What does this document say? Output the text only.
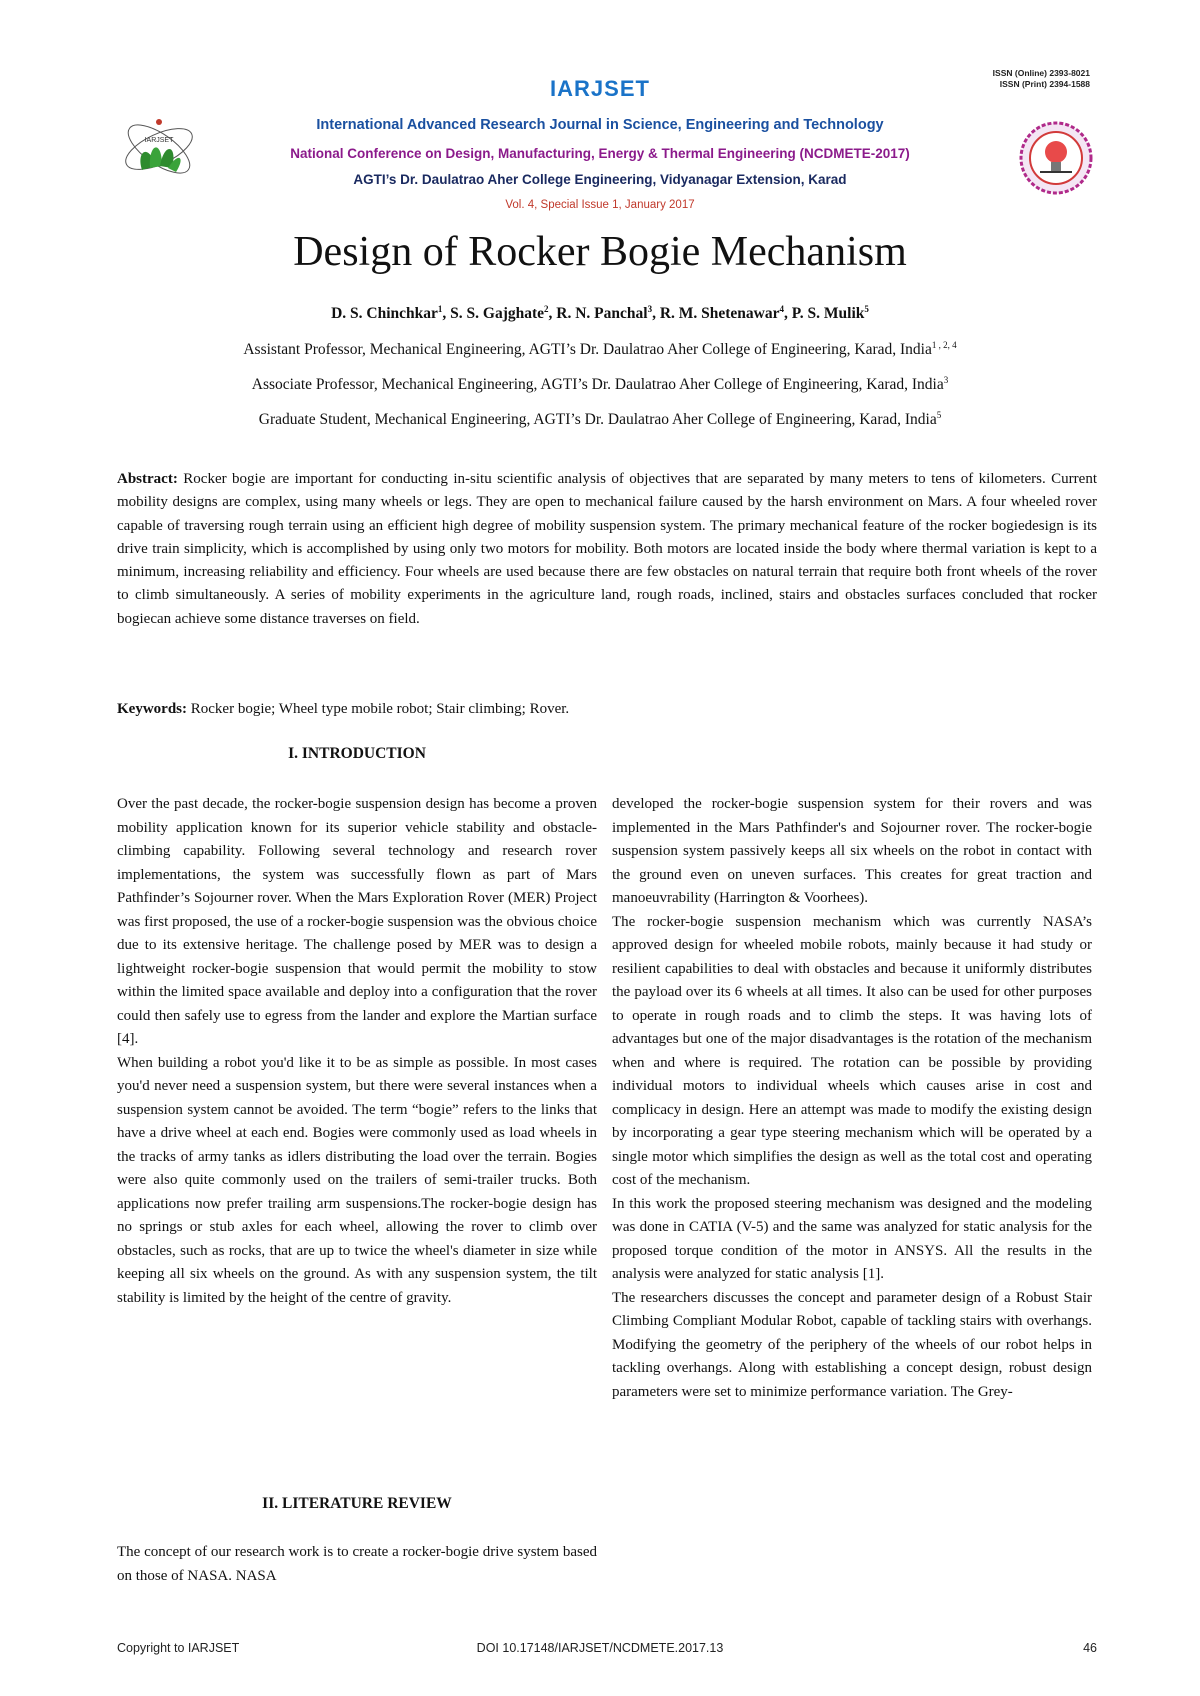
IARJSET
ISSN (Online) 2393-8021
ISSN (Print) 2394-1588
IARJSET
International Advanced Research Journal in Science, Engineering and Technology
National Conference on Design, Manufacturing, Energy & Thermal Engineering (NCDMETE-2017)
AGTI’s Dr. Daulatrao Aher College Engineering, Vidyanagar Extension, Karad
Vol. 4, Special Issue 1, January 2017
Design of Rocker Bogie Mechanism
D. S. Chinchkar$^1$, S. S. Gajghate$^2$, R. N. Panchal$^3$, R. M. Shetenawar$^4$, P. S. Mulik$^5$
Assistant Professor, Mechanical Engineering, AGTI’s Dr. Daulatrao Aher College of Engineering, Karad, India$^{1 , 2, 4}$
Associate Professor, Mechanical Engineering, AGTI’s Dr. Daulatrao Aher College of Engineering, Karad, India$^3$
Graduate Student, Mechanical Engineering, AGTI’s Dr. Daulatrao Aher College of Engineering, Karad, India$^5$
Abstract: Rocker bogie are important for conducting in-situ scientific analysis of objectives that are separated by many meters to tens of kilometers. Current mobility designs are complex, using many wheels or legs. They are open to mechanical failure caused by the harsh environment on Mars. A four wheeled rover capable of traversing rough terrain using an efficient high degree of mobility suspension system. The primary mechanical feature of the rocker bogiedesign is its drive train simplicity, which is accomplished by using only two motors for mobility. Both motors are located inside the body where thermal variation is kept to a minimum, increasing reliability and efficiency. Four wheels are used because there are few obstacles on natural terrain that require both front wheels of the rover to climb simultaneously. A series of mobility experiments in the agriculture land, rough roads, inclined, stairs and obstacles surfaces concluded that rocker bogiecan achieve some distance traverses on field.
Keywords: Rocker bogie; Wheel type mobile robot; Stair climbing; Rover.
I. INTRODUCTION

Over the past decade, the rocker-bogie suspension design has become a proven mobility application known for its superior vehicle stability and obstacle-climbing capability. Following several technology and research rover implementations, the system was successfully flown as part of Mars Pathfinder’s Sojourner rover. When the Mars Exploration Rover (MER) Project was first proposed, the use of a rocker-bogie suspension was the obvious choice due to its extensive heritage. The challenge posed by MER was to design a lightweight rocker-bogie suspension that would permit the mobility to stow within the limited space available and deploy into a configuration that the rover could then safely use to egress from the lander and explore the Martian surface [4].

When building a robot you'd like it to be as simple as possible. In most cases you'd never need a suspension system, but there were several instances when a suspension system cannot be avoided. The term “bogie” refers to the links that have a drive wheel at each end. Bogies were commonly used as load wheels in the tracks of army tanks as idlers distributing the load over the terrain. Bogies were also quite commonly used on the trailers of semi-trailer trucks. Both applications now prefer trailing arm suspensions.The rocker-bogie design has no springs or stub axles for each wheel, allowing the rover to climb over obstacles, such as rocks, that are up to twice the wheel's diameter in size while keeping all six wheels on the ground. As with any suspension system, the tilt stability is limited by the height of the centre of gravity.

II. LITERATURE REVIEW

The concept of our research work is to create a rocker-bogie drive system based on those of NASA. NASA

developed the rocker-bogie suspension system for their rovers and was implemented in the Mars Pathfinder's and Sojourner rover. The rocker-bogie suspension system passively keeps all six wheels on the robot in contact with the ground even on uneven surfaces. This creates for great traction and manoeuvrability (Harrington & Voorhees).

The rocker-bogie suspension mechanism which was currently NASA’s approved design for wheeled mobile robots, mainly because it had study or resilient capabilities to deal with obstacles and because it uniformly distributes the payload over its 6 wheels at all times. It also can be used for other purposes to operate in rough roads and to climb the steps. It was having lots of advantages but one of the major disadvantages is the rotation of the mechanism when and where is required. The rotation can be possible by providing individual motors to individual wheels which causes arise in cost and complicacy in design. Here an attempt was made to modify the existing design by incorporating a gear type steering mechanism which will be operated by a single motor which simplifies the design as well as the total cost and operating cost of the mechanism.

In this work the proposed steering mechanism was designed and the modeling was done in CATIA (V-5) and the same was analyzed for static analysis for the proposed torque condition of the motor in ANSYS. All the results in the analysis were analyzed for static analysis [1].

The researchers discusses the concept and parameter design of a Robust Stair Climbing Compliant Modular Robot, capable of tackling stairs with overhangs. Modifying the geometry of the periphery of the wheels of our robot helps in tackling overhangs. Along with establishing a concept design, robust design parameters were set to minimize performance variation. The Grey-

Copyright to IARJSET	DOI 10.17148/IARJSET/NCDMETE.2017.13	46
